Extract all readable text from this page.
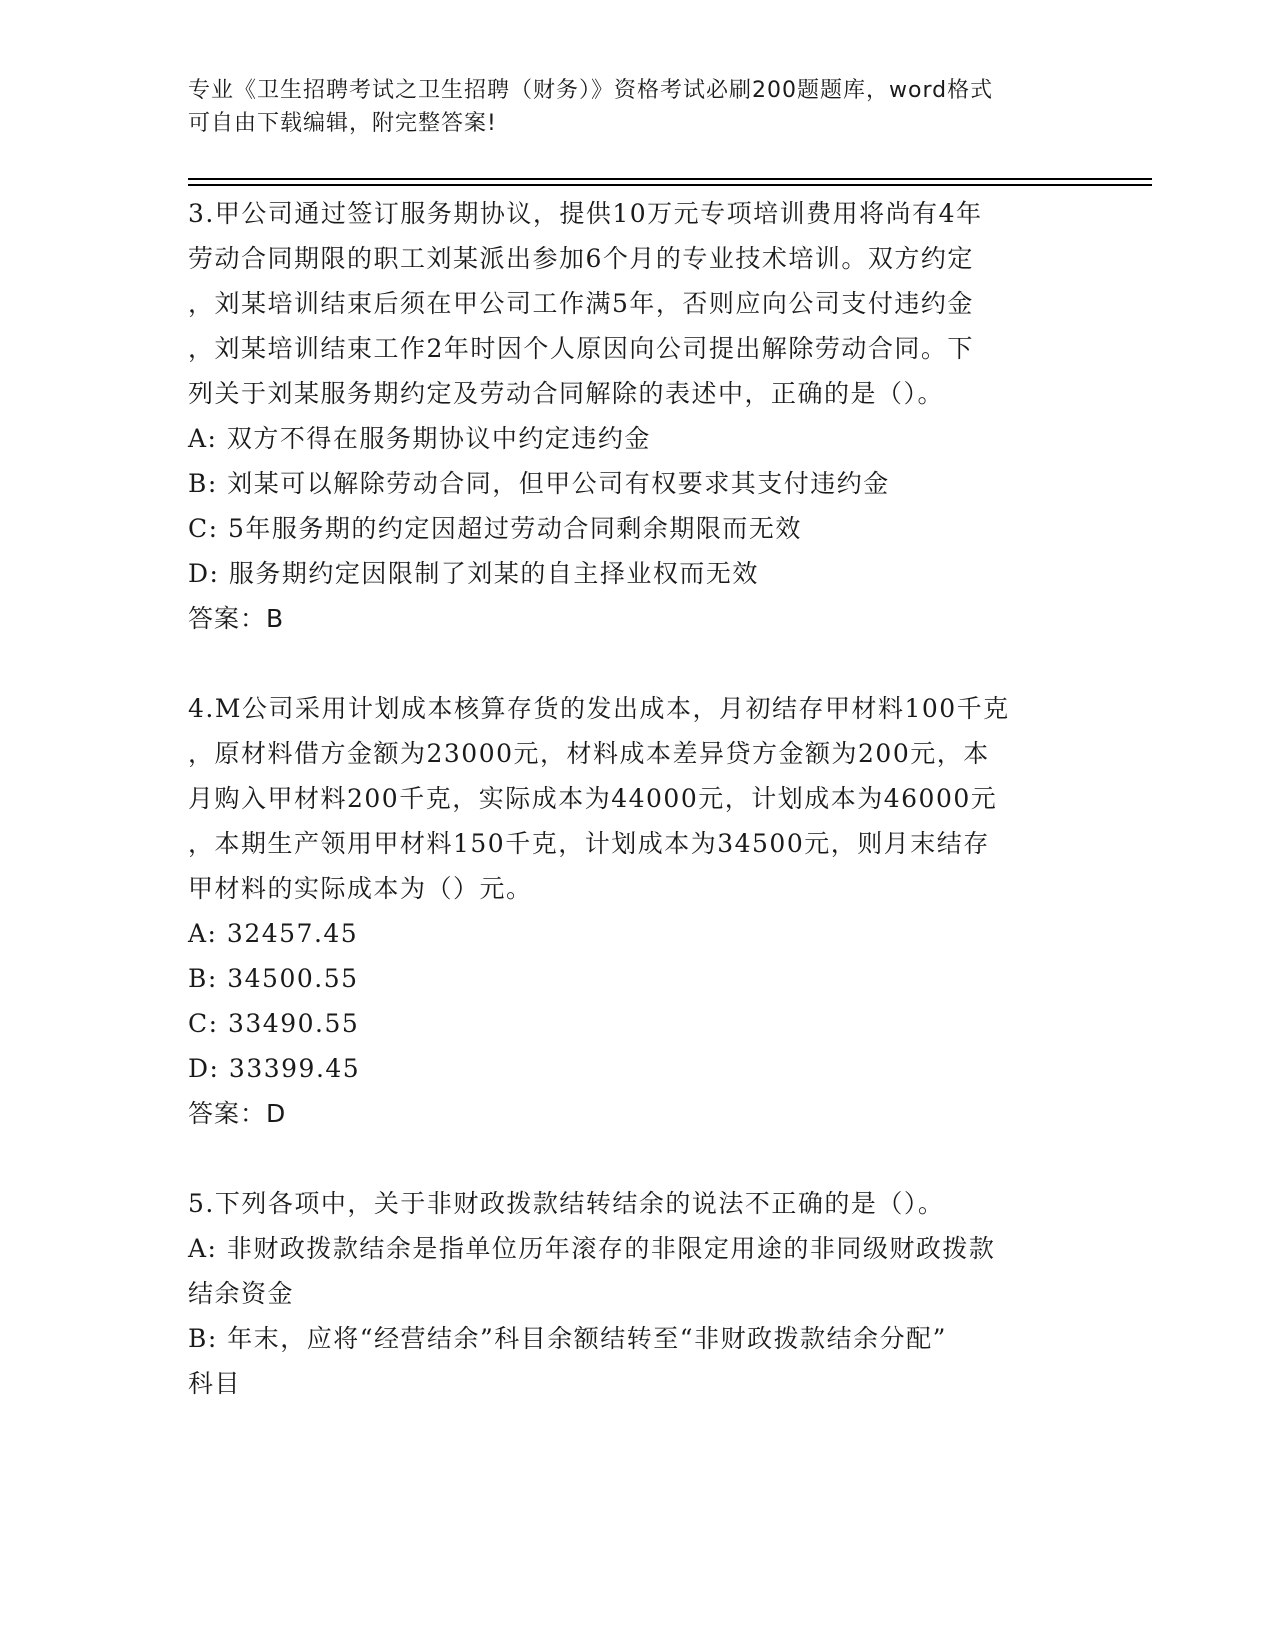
专业《卫生招聘考试之卫生招聘（财务）》资格考试必刷200题题库，word格式
可自由下载编辑，附完整答案!

3.甲公司通过签订服务期协议，提供10万元专项培训费用将尚有4年

劳动合同期限的职工刘某派出参加6个月的专业技术培训。双方约定

，刘某培训结束后须在甲公司工作满5年，否则应向公司支付违约金

，刘某培训结束工作2年时因个人原因向公司提出解除劳动合同。下

列关于刘某服务期约定及劳动合同解除的表述中，正确的是（）。

A: 双方不得在服务期协议中约定违约金

B: 刘某可以解除劳动合同，但甲公司有权要求其支付违约金

C: 5年服务期的约定因超过劳动合同剩余期限而无效

D: 服务期约定因限制了刘某的自主择业权而无效

答案：B

4.M公司采用计划成本核算存货的发出成本，月初结存甲材料100千克

，原材料借方金额为23000元，材料成本差异贷方金额为200元，本

月购入甲材料200千克，实际成本为44000元，计划成本为46000元

，本期生产领用甲材料150千克，计划成本为34500元，则月末结存

甲材料的实际成本为（）元。

A: 32457.45

B: 34500.55

C: 33490.55

D: 33399.45

答案：D

5.下列各项中，关于非财政拨款结转结余的说法不正确的是（）。

A: 非财政拨款结余是指单位历年滚存的非限定用途的非同级财政拨款

结余资金

B: 年末，应将“经营结余”科目余额结转至“非财政拨款结余分配”

科目
